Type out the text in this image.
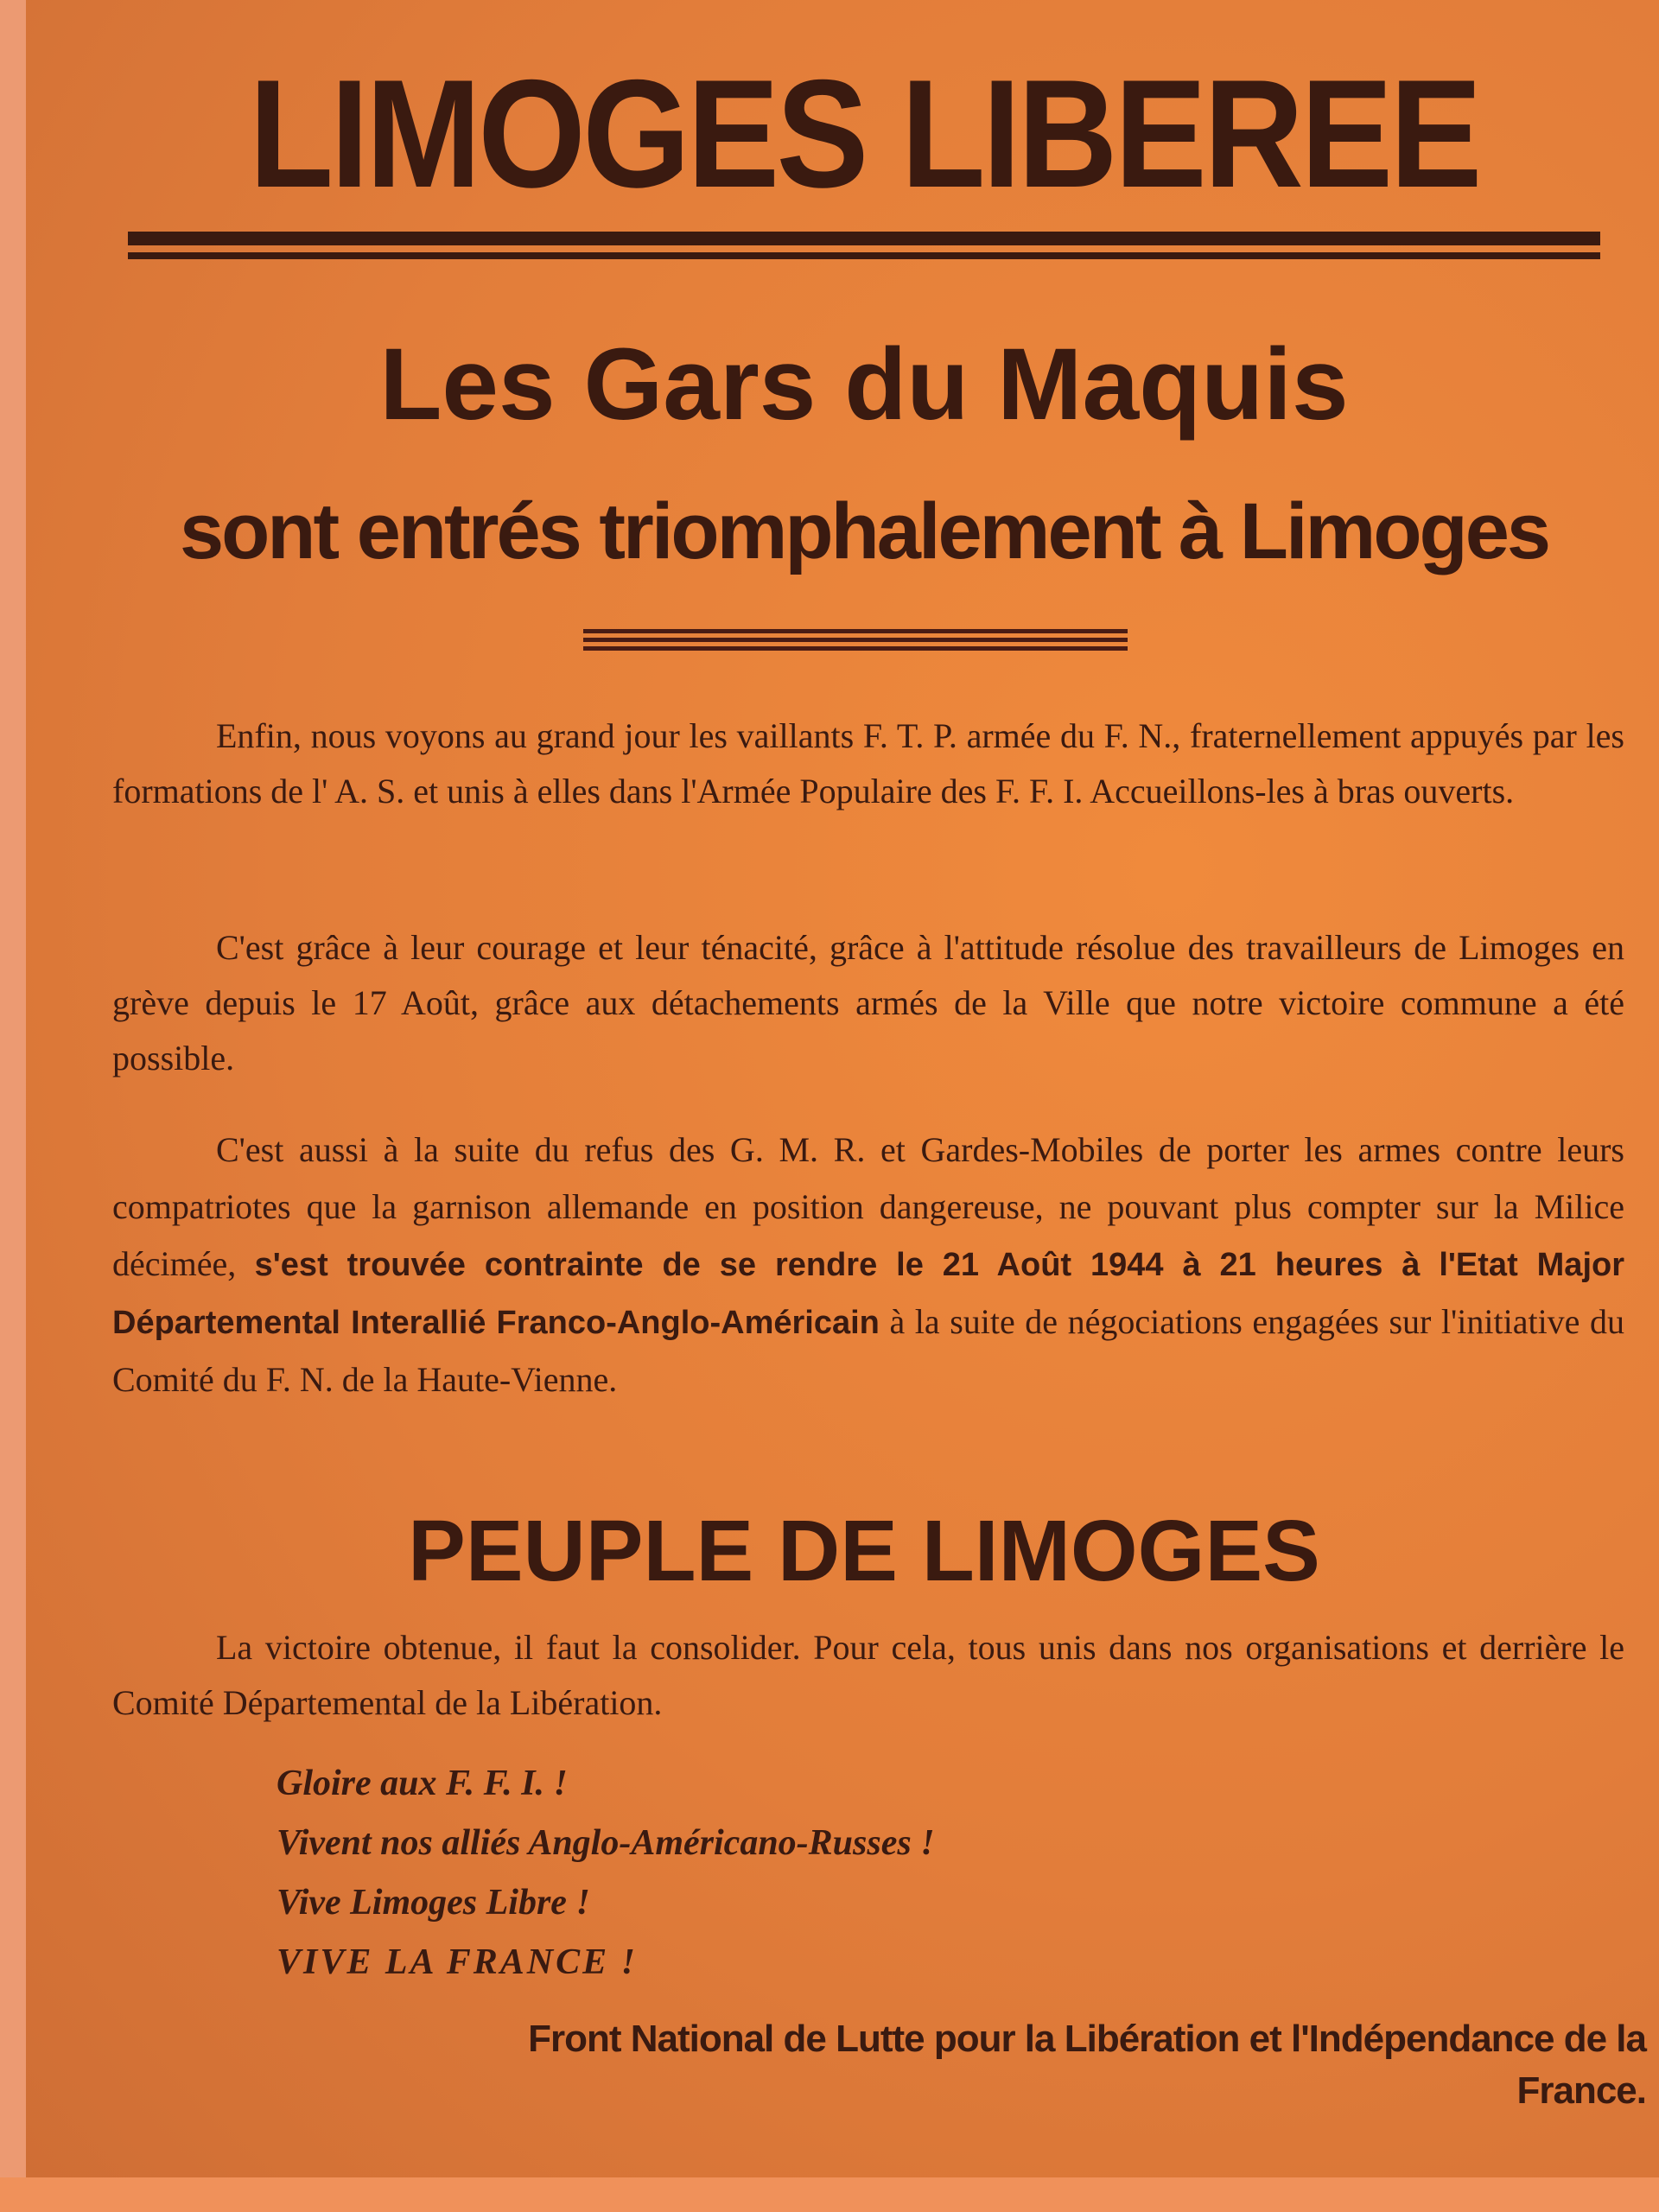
LIMOGES LIBEREE
Les Gars du Maquis
sont entrés triomphalement à Limoges

Enfin, nous voyons au grand jour les vaillants F. T. P. armée du F. N., fraternellement appuyés par les formations de l' A. S. et unis à elles dans l'Armée Populaire des F. F. I. Accueillons-les à bras ouverts.

C'est grâce à leur courage et leur ténacité, grâce à l'attitude résolue des travailleurs de Limoges en grève depuis le 17 Août, grâce aux détachements armés de la Ville que notre victoire commune a été possible.

C'est aussi à la suite du refus des G. M. R. et Gardes-Mobiles de porter les armes contre leurs compatriotes que la garnison allemande en position dangereuse, ne pouvant plus compter sur la Milice décimée, s'est trouvée contrainte de se rendre le 21 Août 1944 à 21 heures à l'Etat Major Départemental Interallié Franco-Anglo-Américain à la suite de négociations engagées sur l'initiative du Comité du F. N. de la Haute-Vienne.

PEUPLE DE LIMOGES

La victoire obtenue, il faut la consolider. Pour cela, tous unis dans nos organisations et derrière le Comité Départemental de la Libération.

Gloire aux F. F. I. !
Vivent nos alliés Anglo-Américano-Russes !
Vive Limoges Libre !
VIVE LA FRANCE !
Front National de Lutte pour la Libération et l'Indépendance de la France.
